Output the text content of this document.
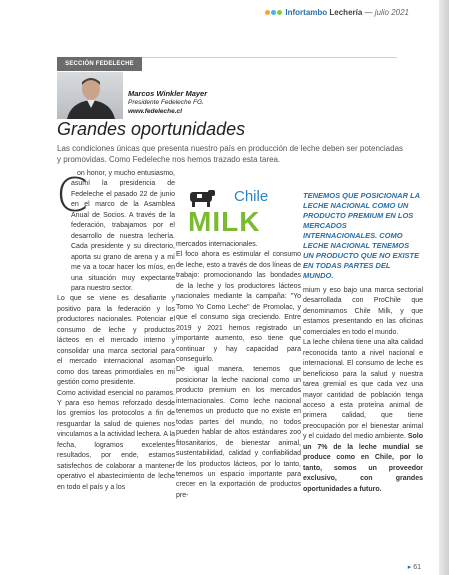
Infortambo Lechería — julio 2021
SECCIÓN FEDELECHE
Marcos Winkler Mayer
Presidente Fedeleche FG.
www.fedeleche.cl
Grandes oportunidades
Las condiciones únicas que presenta nuestro país en producción de leche deben ser potenciadas y promovidas. Como Fedeleche nos hemos trazado esta tarea.
C
on honor, y mucho entusiasmo, asumí la presidencia de Fedeleche el pasado 22 de junio en el marco de la Asamblea Anual de Socios. A través de la federación, trabajamos por el desarrollo de nuestra lechería. Cada presidente y su directorio, aporta su grano de arena y a mí me va a tocar hacer los míos, en una situación muy expectante para nuestro sector.
Lo que se viene es desafiante y positivo para la federación y los productores nacionales. Potenciar el consumo de leche y productos lácteos en el mercado interno y consolidar una marca sectorial para el mercado internacional asoman como dos tareas primordiales en mi gestión como presidente.
Como actividad esencial no paramos. Y para eso hemos reforzado desde los gremios los protocolos a fin de resguardar la salud de quienes nos vinculamos a la actividad lechera. A la fecha, logramos excelentes resultados, por ende, estamos satisfechos de colaborar a mantener operativo el abastecimiento de leche en todo el país y a los
Chile
MILK
mercados internacionales.
El foco ahora es estimular el consumo de leche, esto a través de dos líneas de trabajo: promocionando las bondades de la leche y los productores lácteos nacionales mediante la campaña: "Yo Tomo Yo Como Leche" de Promolac, y que el consumo siga creciendo. Entre 2019 y 2021 hemos registrado un importante aumento, eso tiene que continuar y hay capacidad para conseguirlo.
De igual manera, tenemos que posicionar la leche nacional como un producto premium en los mercados internacionales. Como leche nacional tenemos un producto que no existe en todas partes del mundo, no todos pueden hablar de altos estándares zoo fitosanitarios, de bienestar animal, sustentabilidad, calidad y confiabilidad de los productos lácteos, por lo tanto, tenemos un espacio importante para crecer en la exportación de productos pre-
TENEMOS QUE POSICIONAR LA LECHE NACIONAL COMO UN PRODUCTO PREMIUM EN LOS MERCADOS INTERNACIONALES. COMO LECHE NACIONAL TENEMOS UN PRODUCTO QUE NO EXISTE EN TODAS PARTES DEL MUNDO.
mium y eso bajo una marca sectorial desarrollada con ProChile que denominamos Chile Milk, y que estamos presentando en las oficinas comerciales en todo el mundo.
La leche chilena tiene una alta calidad reconocida tanto a nivel nacional e internacional. El consumo de leche es beneficioso para la salud y nuestra tarea gremial es que cada vez una mayor cantidad de población tenga acceso a esta proteína animal de primera calidad, que tiene preocupación por el bienestar animal y el cuidado del medio ambiente. Solo un 7% de la leche mundial se produce como en Chile, por lo tanto, somos un proveedor exclusivo, con grandes oportunidades a futuro.
▸ 61
